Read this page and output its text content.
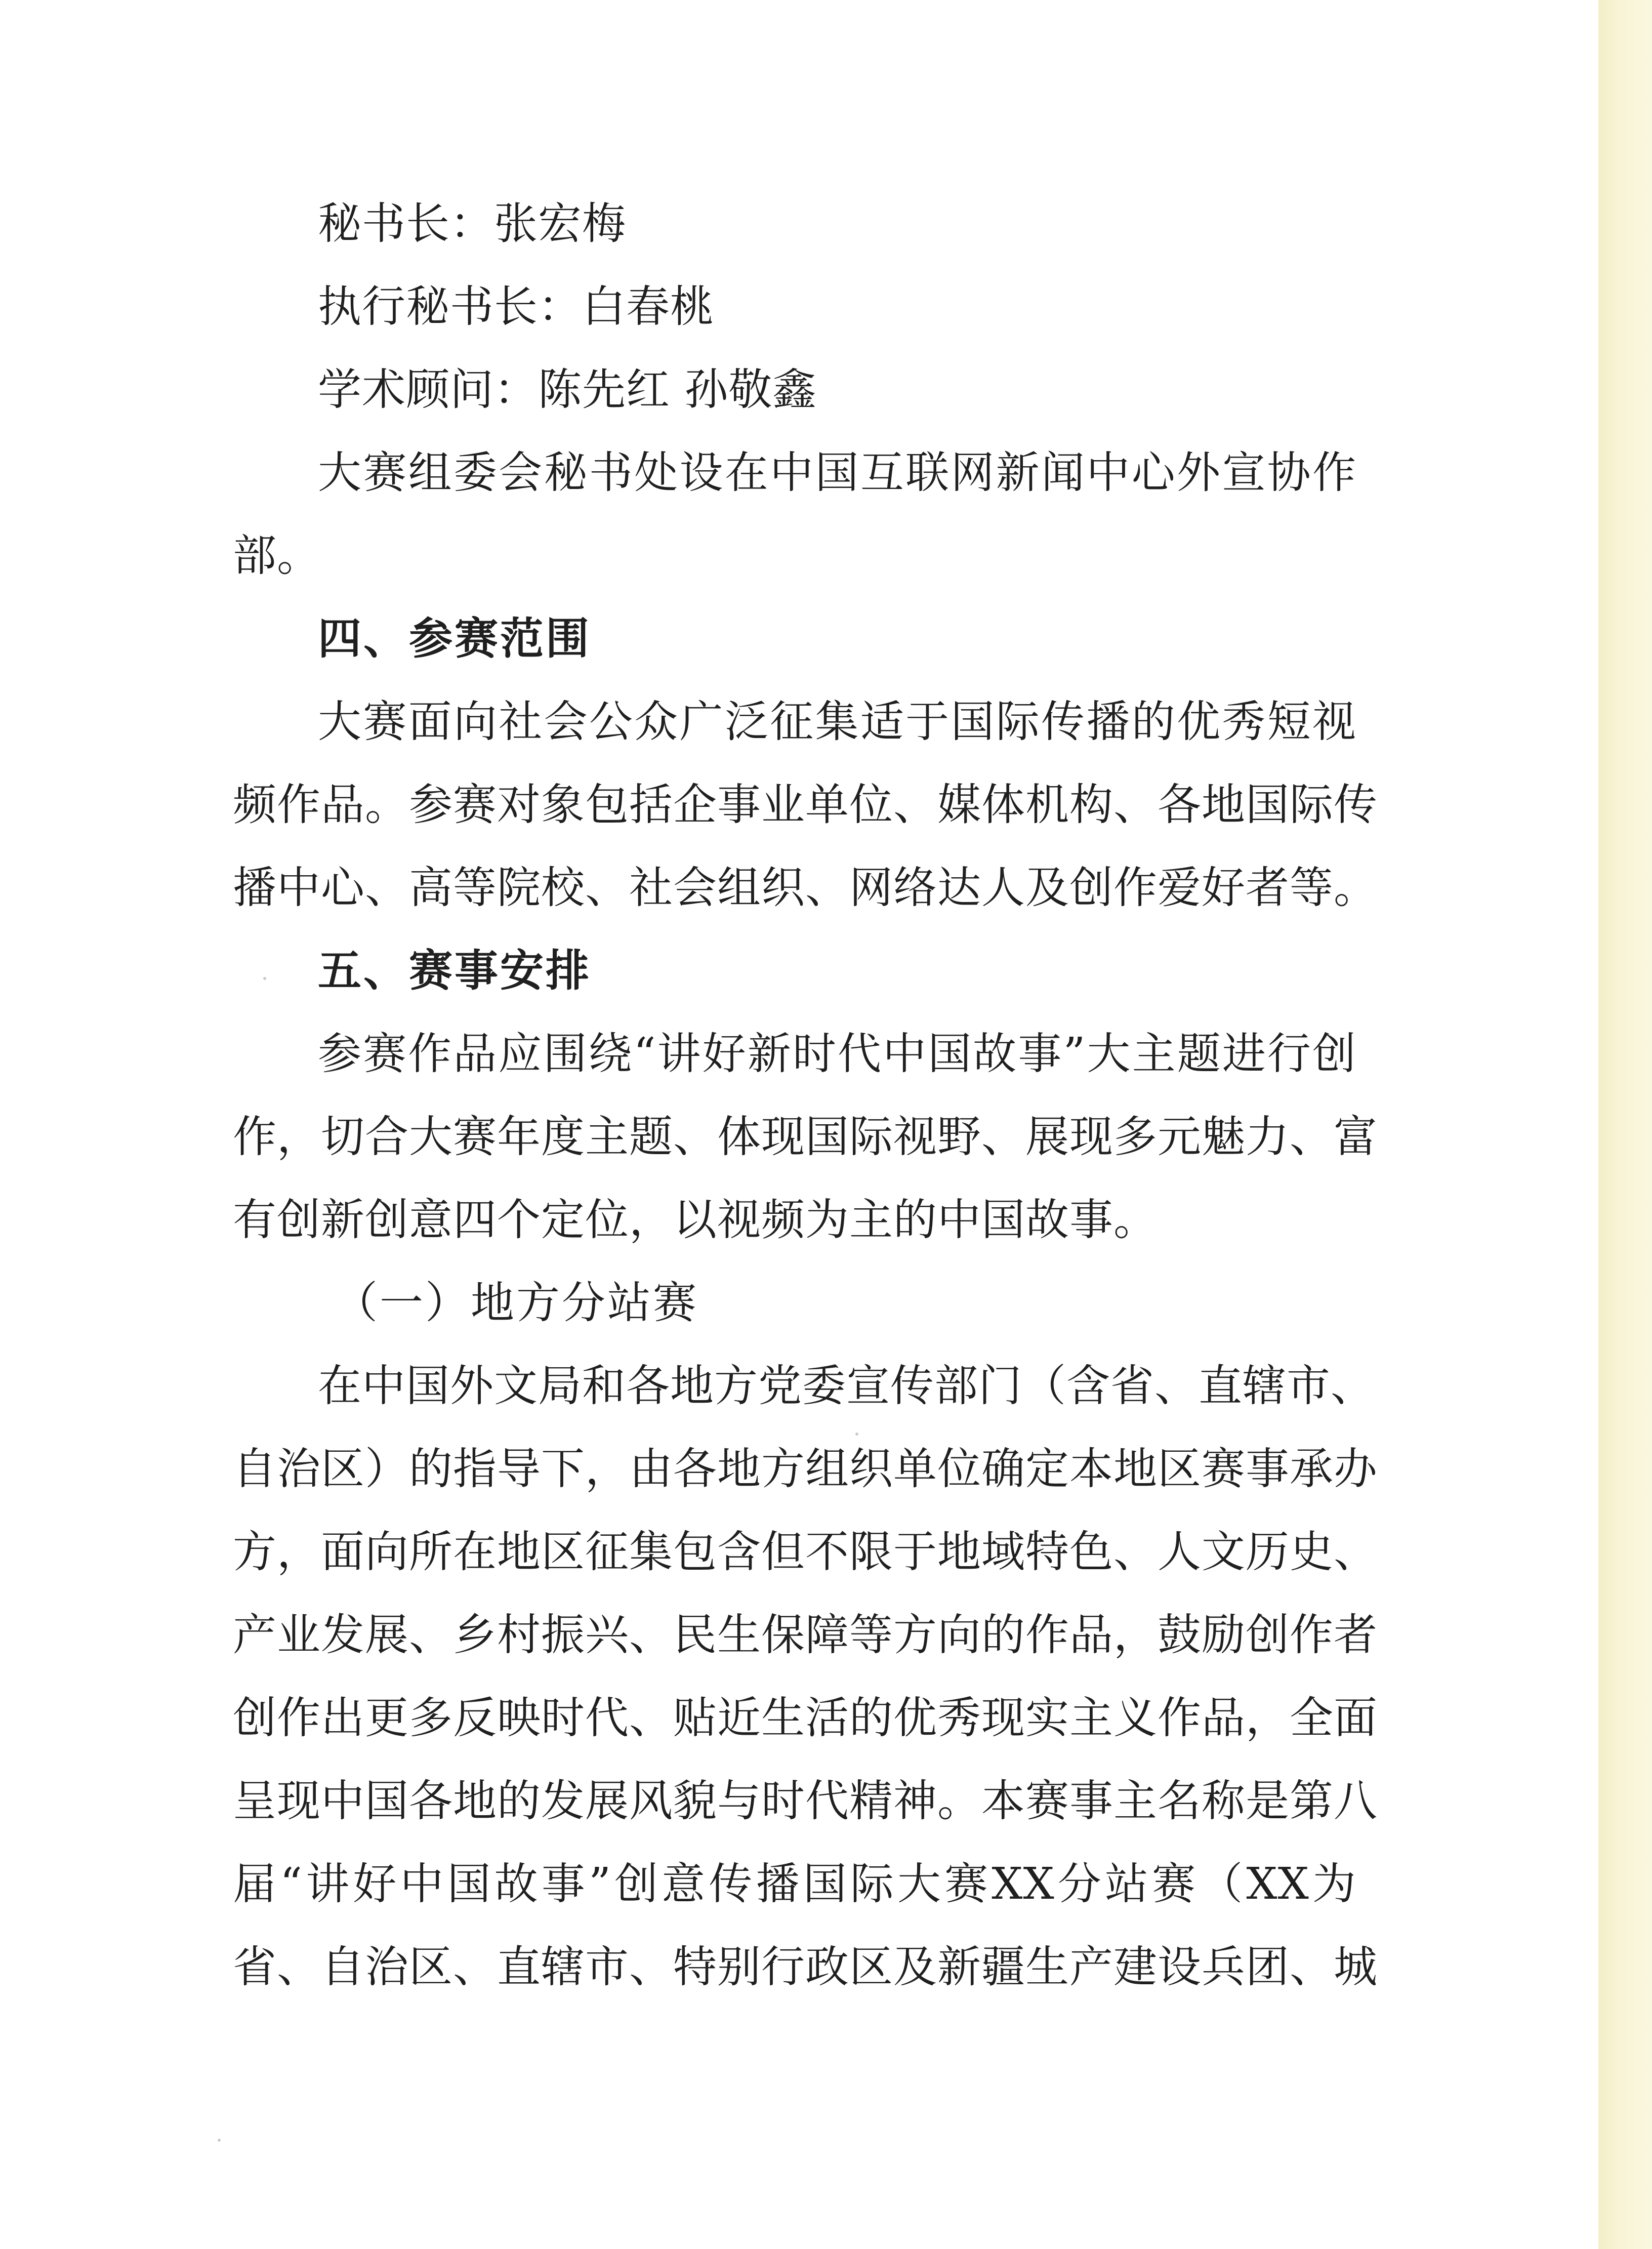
秘书长：张宏梅

执行秘书长：白春桃

学术顾问：陈先红 孙敬鑫

大赛组委会秘书处设在中国互联网新闻中心外宣协作

部。

四、参赛范围

大赛面向社会公众广泛征集适于国际传播的优秀短视

频作品。参赛对象包括企事业单位、媒体机构、各地国际传

播中心、高等院校、社会组织、网络达人及创作爱好者等。

五、赛事安排

参赛作品应围绕“讲好新时代中国故事”大主题进行创

作，切合大赛年度主题、体现国际视野、展现多元魅力、富

有创新创意四个定位，以视频为主的中国故事。

（一）地方分站赛

在中国外文局和各地方党委宣传部门（含省、直辖市、

自治区）的指导下，由各地方组织单位确定本地区赛事承办

方，面向所在地区征集包含但不限于地域特色、人文历史、

产业发展、乡村振兴、民生保障等方向的作品，鼓励创作者

创作出更多反映时代、贴近生活的优秀现实主义作品，全面

呈现中国各地的发展风貌与时代精神。本赛事主名称是第八

届“讲好中国故事”创意传播国际大赛XX分站赛（XX为

省、自治区、直辖市、特别行政区及新疆生产建设兵团、城
